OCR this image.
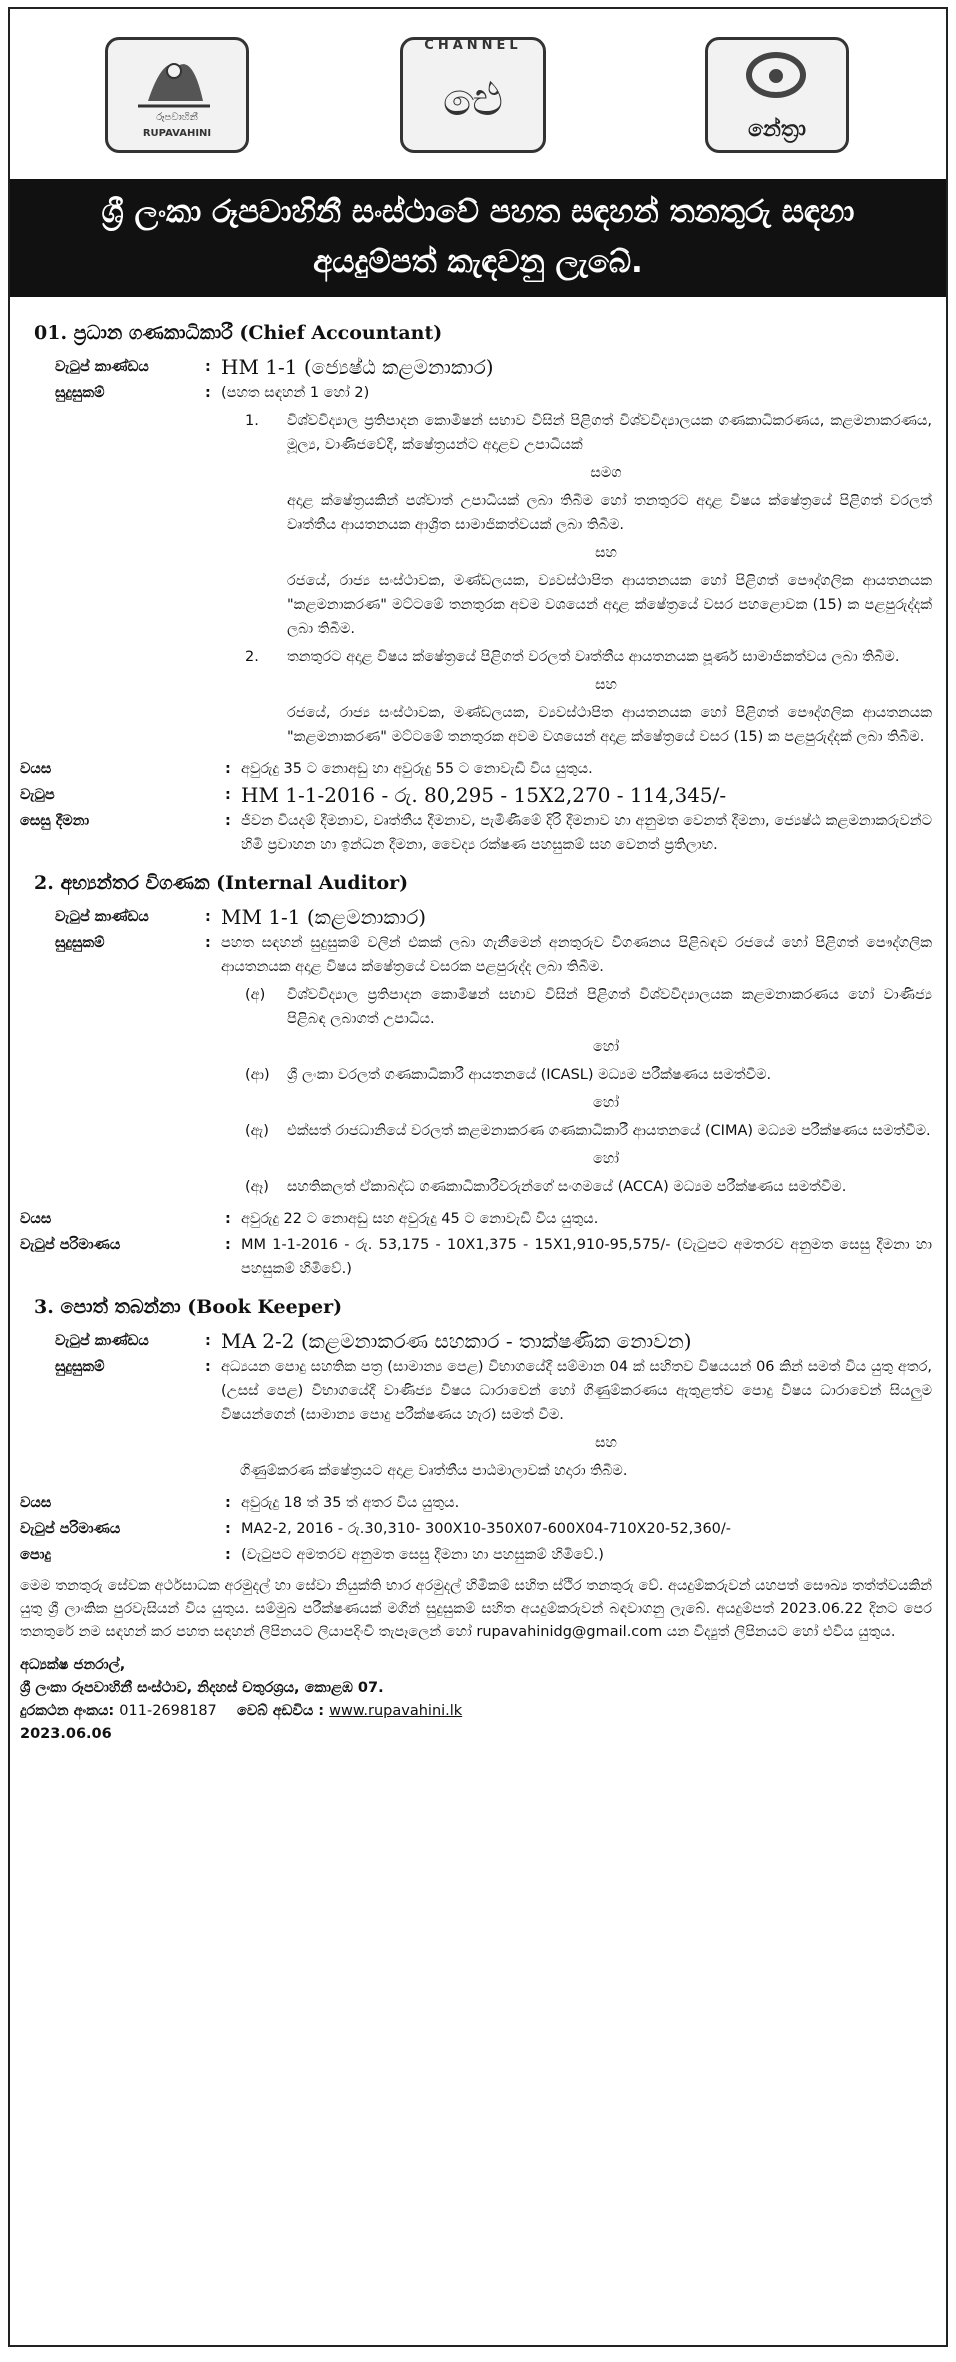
රූපවාහිනී
RUPAVAHINI
CHANNEL
ඓ
නේත්‍රා
ශ්‍රී ලංකා රූපවාහිනී සංස්ථාවේ පහත සඳහන් තනතුරු සඳහා
අයදුම්පත් කැඳවනු ලැබේ.
01. ප්‍රධාන ගණකාධිකාරී (Chief Accountant)
වැටුප් කාණ්ඩය	: HM 1-1 (ජ්‍යෙෂ්ඨ කළමනාකාර)
සුදුසුකම්	: (පහත සඳහන් 1 හෝ 2)
1.	විශ්වවිද්‍යාල ප්‍රතිපාදන කොමිෂන් සභාව විසින් පිළිගත් විශ්වවිද්‍යාලයක ගණකාධිකරණය, කළමනාකරණය, මූල්‍ය, වාණිජවේදී, ක්ෂේත්‍රයන්ට අදාළව උපාධියක්
සමග
අදාළ ක්ෂේත්‍රයකින් පශ්චාත් උපාධියක් ලබා තිබීම හෝ තනතුරට අදාළ විෂය ක්ෂේත්‍රයේ පිළිගත් වරලත් වෘත්තීය ආයතනයක ආශ්‍රිත සාමාජිකත්වයක් ලබා තිබීම.
සහ
රජයේ, රාජ්‍ය සංස්ථාවක, මණ්ඩලයක, ව්‍යවස්ථාපිත ආයතනයක හෝ පිළිගත් පෞද්ගලික ආයතනයක "කළමනාකරණ" මට්ටමේ තනතුරක අවම වශයෙන් අදාළ ක්ෂේත්‍රයේ වසර පහළොවක (15) ක පළපුරුද්දක් ලබා තිබීම.
2.	තනතුරට අදාළ විෂය ක්ෂේත්‍රයේ පිළිගත් වරලත් වෘත්තීය ආයතනයක පූර්ණ සාමාජිකත්වය ලබා තිබීම.
සහ
රජයේ, රාජ්‍ය සංස්ථාවක, මණ්ඩලයක, ව්‍යවස්ථාපිත ආයතනයක හෝ පිළිගත් පෞද්ගලික ආයතනයක "කළමනාකරණ" මට්ටමේ තනතුරක අවම වශයෙන් අදාළ ක්ෂේත්‍රයේ වසර (15) ක පළපුරුද්දක් ලබා තිබීම.
වයස	: අවුරුදු 35 ට නොඅඩු හා අවුරුදු 55 ට නොවැඩි විය යුතුය.
වැටුප	: HM 1-1-2016 - රු. 80,295 - 15X2,270 - 114,345/-
සෙසු දීමනා	: ජීවන වියදම් දීමනාව, වෘත්තීය දීමනාව, පැමිණීමේ දිරි දීමනාව හා අනුමත වෙනත් දීමනා, ජ්‍යෙෂ්ඨ කළමනාකරුවන්ට හිමි ප්‍රවාහන හා ඉන්ධන දීමනා, වෛද්‍ය රක්ෂණ පහසුකම් සහ වෙනත් ප්‍රතිලාභ.
2. අභ්‍යන්තර විගණක (Internal Auditor)
වැටුප් කාණ්ඩය	: MM 1-1 (කළමනාකාර)
සුදුසුකම්	: පහත සඳහන් සුදුසුකම් වලින් එකක් ලබා ගැනීමෙන් අනතුරුව විගණනය පිළිබඳව රජයේ හෝ පිළිගත් පෞද්ගලික ආයතනයක අදාළ විෂය ක්ෂේත්‍රයේ වසරක පළපුරුද්ද ලබා තිබීම.
(අ)	විශ්වවිද්‍යාල ප්‍රතිපාදන කොමිෂන් සභාව විසින් පිළිගත් විශ්වවිද්‍යාලයක කළමනාකරණය හෝ වාණිජ්‍ය පිළිබඳ ලබාගත් උපාධිය.
හෝ
(ආ)	ශ්‍රී ලංකා වරලත් ගණකාධිකාරී ආයතනයේ (ICASL) මධ්‍යම පරීක්ෂණය සමත්වීම.
හෝ
(ඇ)	එක්සත් රාජධානියේ වරලත් කළමනාකරණ ගණකාධිකාරී ආයතනයේ (CIMA) මධ්‍යම පරීක්ෂණය සමත්වීම.
හෝ
(ඈ)	සහතිකලත් ඒකාබද්ධ ගණකාධිකාරීවරුන්ගේ සංගමයේ (ACCA) මධ්‍යම පරීක්ෂණය සමත්වීම.
වයස	: අවුරුදු 22 ට නොඅඩු සහ අවුරුදු 45 ට නොවැඩි විය යුතුය.
වැටුප් පරිමාණය	: MM 1-1-2016 - රු. 53,175 - 10X1,375 - 15X1,910-95,575/- (වැටුපට අමතරව අනුමත සෙසු දීමනා හා පහසුකම් හිමිවේ.)
3. පොත් තබන්නා (Book Keeper)
වැටුප් කාණ්ඩය	: MA 2-2 (කළමනාකරණ සහකාර - තාක්ෂණික නොවන)
සුදුසුකම්	: අධ්‍යයන පොදු සහතික පත්‍ර (සාමාන්‍ය පෙළ) විභාගයේදී සම්මාන 04 ක් සහිතව විෂයයන් 06 කින් සමත් විය යුතු අතර, (උසස් පෙළ) විභාගයේදී වාණිජ්‍ය විෂය ධාරාවෙන් හෝ ගිණුම්කරණය ඇතුළත්ව පොදු විෂය ධාරාවෙන් සියලුම විෂයන්ගෙන් (සාමාන්‍ය පොදු පරීක්ෂණය හැර) සමත් වීම.
සහ
ගිණුම්කරණ ක්ෂේත්‍රයට අදාළ වෘත්තීය පාඨමාලාවක් හදාරා තිබීම.
වයස	: අවුරුදු 18 ත් 35 ත් අතර විය යුතුය.
වැටුප් පරිමාණය	: MA2-2, 2016 - රු.30,310- 300X10-350X07-600X04-710X20-52,360/-
පොදු	: (වැටුපට අමතරව අනුමත සෙසු දීමනා හා පහසුකම් හිමිවේ.)
මෙම තනතුරු සේවක අර්ථසාධක අරමුදල් හා සේවා නියුක්ති භාර අරමුදල් හිමිකම් සහිත ස්ථිර තනතුරු වේ. අයදුම්කරුවන් යහපත් සෞඛ්‍ය තත්ත්වයකින් යුතු ශ්‍රී ලාංකික පුරවැසියන් විය යුතුය. සම්මුඛ පරීක්ෂණයක් මගින් සුදුසුකම් සහිත අයදුම්කරුවන් බඳවාගනු ලැබේ. අයදුම්පත් 2023.06.22 දිනට පෙර තනතුරේ නම සඳහන් කර පහත සඳහන් ලිපිනයට ලියාපදිංචි තැපෑලෙන් හෝ rupavahinidg@gmail.com යන විද්‍යුත් ලිපිනයට හෝ එවිය යුතුය.
අධ්‍යක්ෂ ජනරාල්,
ශ්‍රී ලංකා රූපවාහිනී සංස්ථාව, නිදහස් චතුරශ්‍රය, කොළඹ 07.
දුරකථන අංකය: 011-2698187 වෙබ් අඩවිය : www.rupavahini.lk
2023.06.06
